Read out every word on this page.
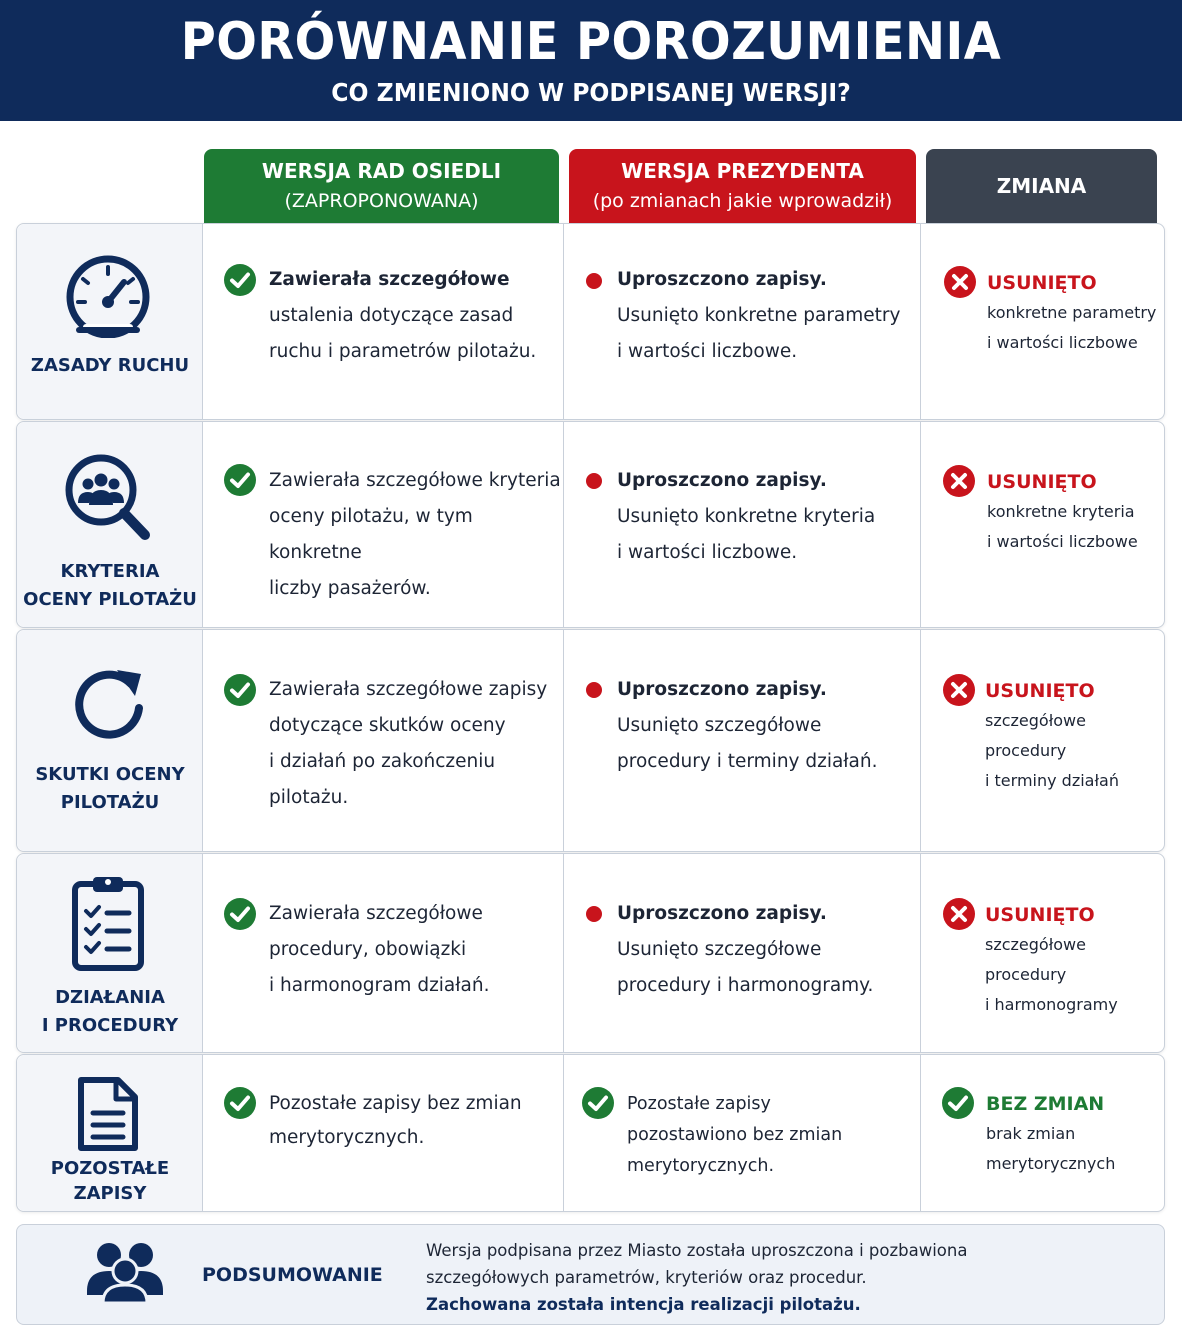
PORÓWNANIE POROZUMIENIA
CO ZMIENIONO W PODPISANEJ WERSJI?
WERSJA RAD OSIEDLI
(ZAPROPONOWANA)
WERSJA PREZYDENTA
(po zmianach jakie wprowadził)
ZMIANA
ZASADY RUCHU

Zawierała szczegółowe

ustalenia dotyczące zasad

ruchu i parametrów pilotażu.

Uproszczono zapisy.

Usunięto konkretne parametry

i wartości liczbowe.

USUNIĘTO
konkretne parametry
i wartości liczbowe
KRYTERIA
OCENY PILOTAŻU

Zawierała szczegółowe kryteria

oceny pilotażu, w tym konkretne

liczby pasażerów.

Uproszczono zapisy.

Usunięto konkretne kryteria

i wartości liczbowe.

USUNIĘTO
konkretne kryteria
i wartości liczbowe
SKUTKI OCENY
PILOTAŻU

Zawierała szczegółowe zapisy

dotyczące skutków oceny

i działań po zakończeniu

pilotażu.

Uproszczono zapisy.

Usunięto szczegółowe

procedury i terminy działań.

USUNIĘTO
szczegółowe procedury
i terminy działań
DZIAŁANIA
I PROCEDURY

Zawierała szczegółowe

procedury, obowiązki

i harmonogram działań.

Uproszczono zapisy.

Usunięto szczegółowe

procedury i harmonogramy.

USUNIĘTO
szczegółowe procedury
i harmonogramy
POZOSTAŁE
ZAPISY

Pozostałe zapisy bez zmian

merytorycznych.

Pozostałe zapisy

pozostawiono bez zmian

merytorycznych.

BEZ ZMIAN
brak zmian
merytorycznych
PODSUMOWANIE
Wersja podpisana przez Miasto została uproszczona i pozbawiona
szczegółowych parametrów, kryteriów oraz procedur.
Zachowana została intencja realizacji pilotażu.
